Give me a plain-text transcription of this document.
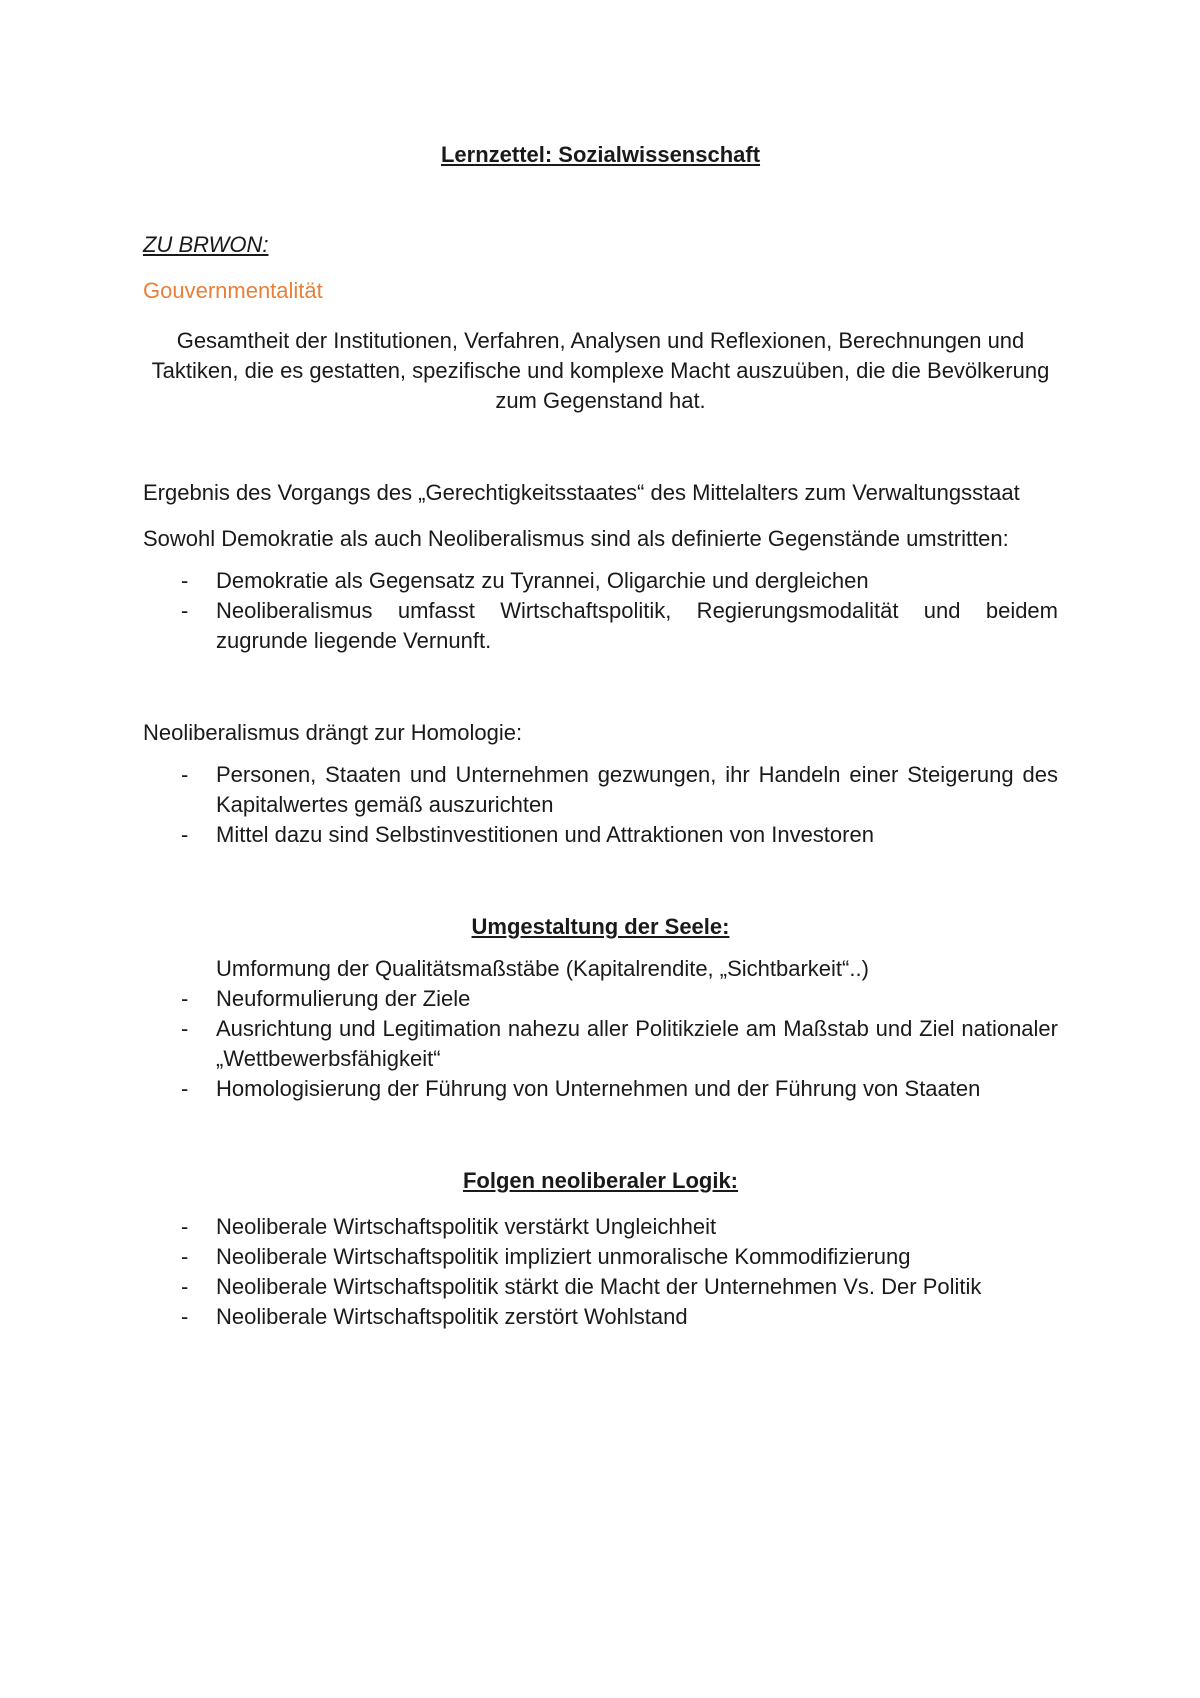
Lernzettel: Sozialwissenschaft

ZU BRWON:

Gouvernmentalität

Gesamtheit der Institutionen, Verfahren, Analysen und Reflexionen, Berechnungen und Taktiken, die es gestatten, spezifische und komplexe Macht auszuüben, die die Bevölkerung zum Gegenstand hat.

Ergebnis des Vorgangs des „Gerechtigkeitsstaates“ des Mittelalters zum Verwaltungsstaat

Sowohl Demokratie als auch Neoliberalismus sind als definierte Gegenstände umstritten:

- Demokratie als Gegensatz zu Tyrannei, Oligarchie und dergleichen
- Neoliberalismus umfasst Wirtschaftspolitik, Regierungsmodalität und beidem zugrunde liegende Vernunft.

Neoliberalismus drängt zur Homologie:

- Personen, Staaten und Unternehmen gezwungen, ihr Handeln einer Steigerung des Kapitalwertes gemäß auszurichten
- Mittel dazu sind Selbstinvestitionen und Attraktionen von Investoren
Umgestaltung der Seele:
Umformung der Qualitätsmaßstäbe (Kapitalrendite, „Sichtbarkeit“..)
- Neuformulierung der Ziele
- Ausrichtung und Legitimation nahezu aller Politikziele am Maßstab und Ziel nationaler „Wettbewerbsfähigkeit“
- Homologisierung der Führung von Unternehmen und der Führung von Staaten
Folgen neoliberaler Logik:
- Neoliberale Wirtschaftspolitik verstärkt Ungleichheit
- Neoliberale Wirtschaftspolitik impliziert unmoralische Kommodifizierung
- Neoliberale Wirtschaftspolitik stärkt die Macht der Unternehmen Vs. Der Politik
- Neoliberale Wirtschaftspolitik zerstört Wohlstand
